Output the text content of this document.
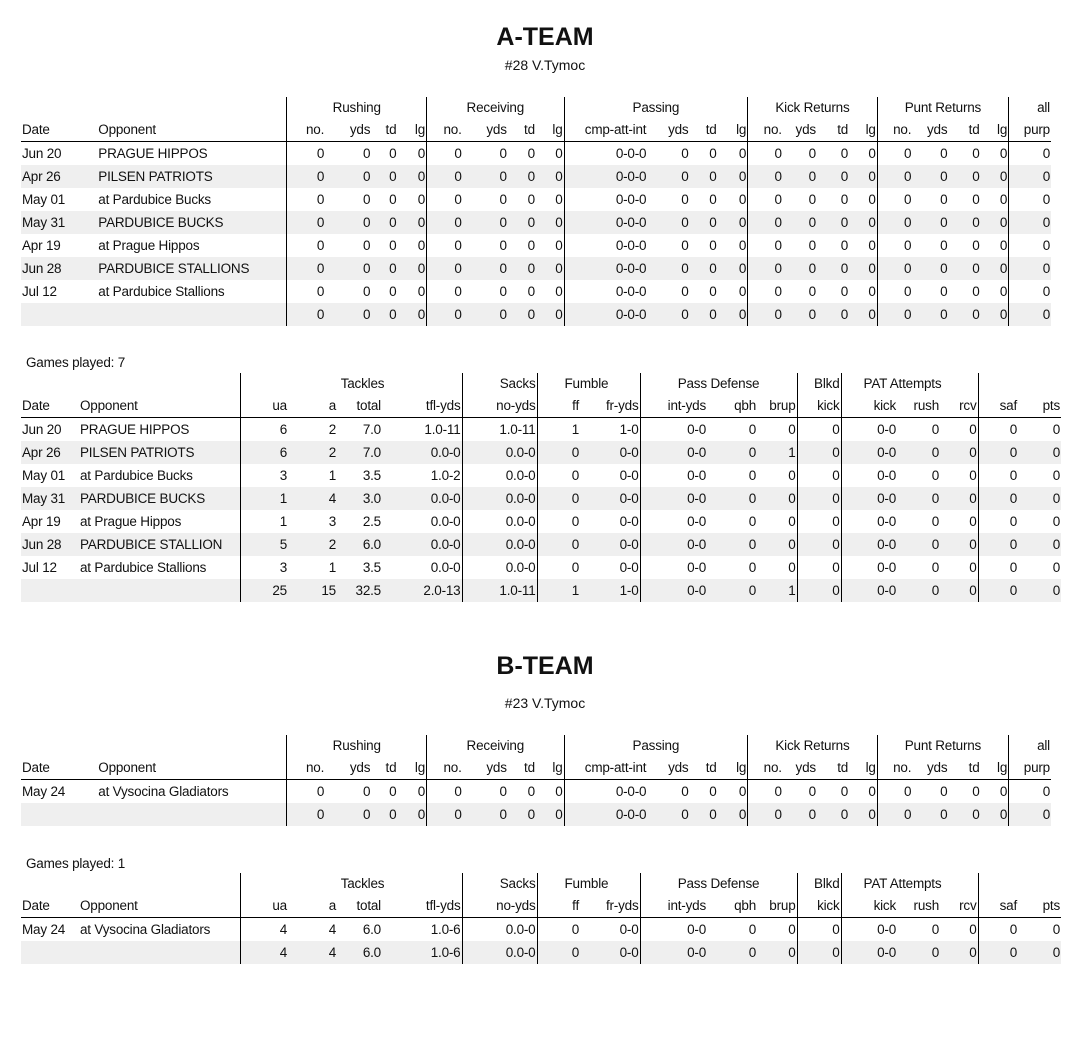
A-TEAM
#28 V.Tymoc
		Rushing				Receiving				Passing				Kick Returns				Punt Returns				all
Date	Opponent	no.	yds	td	lg	no.	yds	td	lg	cmp-att-int	yds	td	lg	no.	yds	td	lg	no.	yds	td	lg	purp
Jun 20	PRAGUE HIPPOS	0	0	0	0	0	0	0	0	0-0-0	0	0	0	0	0	0	0	0	0	0	0	0
Apr 26	PILSEN PATRIOTS	0	0	0	0	0	0	0	0	0-0-0	0	0	0	0	0	0	0	0	0	0	0	0
May 01	at Pardubice Bucks	0	0	0	0	0	0	0	0	0-0-0	0	0	0	0	0	0	0	0	0	0	0	0
May 31	PARDUBICE BUCKS	0	0	0	0	0	0	0	0	0-0-0	0	0	0	0	0	0	0	0	0	0	0	0
Apr 19	at Prague Hippos	0	0	0	0	0	0	0	0	0-0-0	0	0	0	0	0	0	0	0	0	0	0	0
Jun 28	PARDUBICE STALLIONS	0	0	0	0	0	0	0	0	0-0-0	0	0	0	0	0	0	0	0	0	0	0	0
Jul 12	at Pardubice Stallions	0	0	0	0	0	0	0	0	0-0-0	0	0	0	0	0	0	0	0	0	0	0	0
		0	0	0	0	0	0	0	0	0-0-0	0	0	0	0	0	0	0	0	0	0	0	0
Games played: 7
		Tackles				Sacks	Fumble		Pass Defense			Blkd	PAT Attempts				
Date	Opponent	ua	a	total	tfl-yds	no-yds	ff	fr-yds	int-yds	qbh	brup	kick	kick	rush	rcv	saf	pts
Jun 20	PRAGUE HIPPOS	6	2	7.0	1.0-11	1.0-11	1	1-0	0-0	0	0	0	0-0	0	0	0	0
Apr 26	PILSEN PATRIOTS	6	2	7.0	0.0-0	0.0-0	0	0-0	0-0	0	1	0	0-0	0	0	0	0
May 01	at Pardubice Bucks	3	1	3.5	1.0-2	0.0-0	0	0-0	0-0	0	0	0	0-0	0	0	0	0
May 31	PARDUBICE BUCKS	1	4	3.0	0.0-0	0.0-0	0	0-0	0-0	0	0	0	0-0	0	0	0	0
Apr 19	at Prague Hippos	1	3	2.5	0.0-0	0.0-0	0	0-0	0-0	0	0	0	0-0	0	0	0	0
Jun 28	PARDUBICE STALLION	5	2	6.0	0.0-0	0.0-0	0	0-0	0-0	0	0	0	0-0	0	0	0	0
Jul 12	at Pardubice Stallions	3	1	3.5	0.0-0	0.0-0	0	0-0	0-0	0	0	0	0-0	0	0	0	0
		25	15	32.5	2.0-13	1.0-11	1	1-0	0-0	0	1	0	0-0	0	0	0	0
B-TEAM
#23 V.Tymoc
		Rushing				Receiving				Passing				Kick Returns				Punt Returns				all
Date	Opponent	no.	yds	td	lg	no.	yds	td	lg	cmp-att-int	yds	td	lg	no.	yds	td	lg	no.	yds	td	lg	purp
May 24	at Vysocina Gladiators	0	0	0	0	0	0	0	0	0-0-0	0	0	0	0	0	0	0	0	0	0	0	0
		0	0	0	0	0	0	0	0	0-0-0	0	0	0	0	0	0	0	0	0	0	0	0
Games played: 1
		Tackles				Sacks	Fumble		Pass Defense			Blkd	PAT Attempts				
Date	Opponent	ua	a	total	tfl-yds	no-yds	ff	fr-yds	int-yds	qbh	brup	kick	kick	rush	rcv	saf	pts
May 24	at Vysocina Gladiators	4	4	6.0	1.0-6	0.0-0	0	0-0	0-0	0	0	0	0-0	0	0	0	0
		4	4	6.0	1.0-6	0.0-0	0	0-0	0-0	0	0	0	0-0	0	0	0	0
